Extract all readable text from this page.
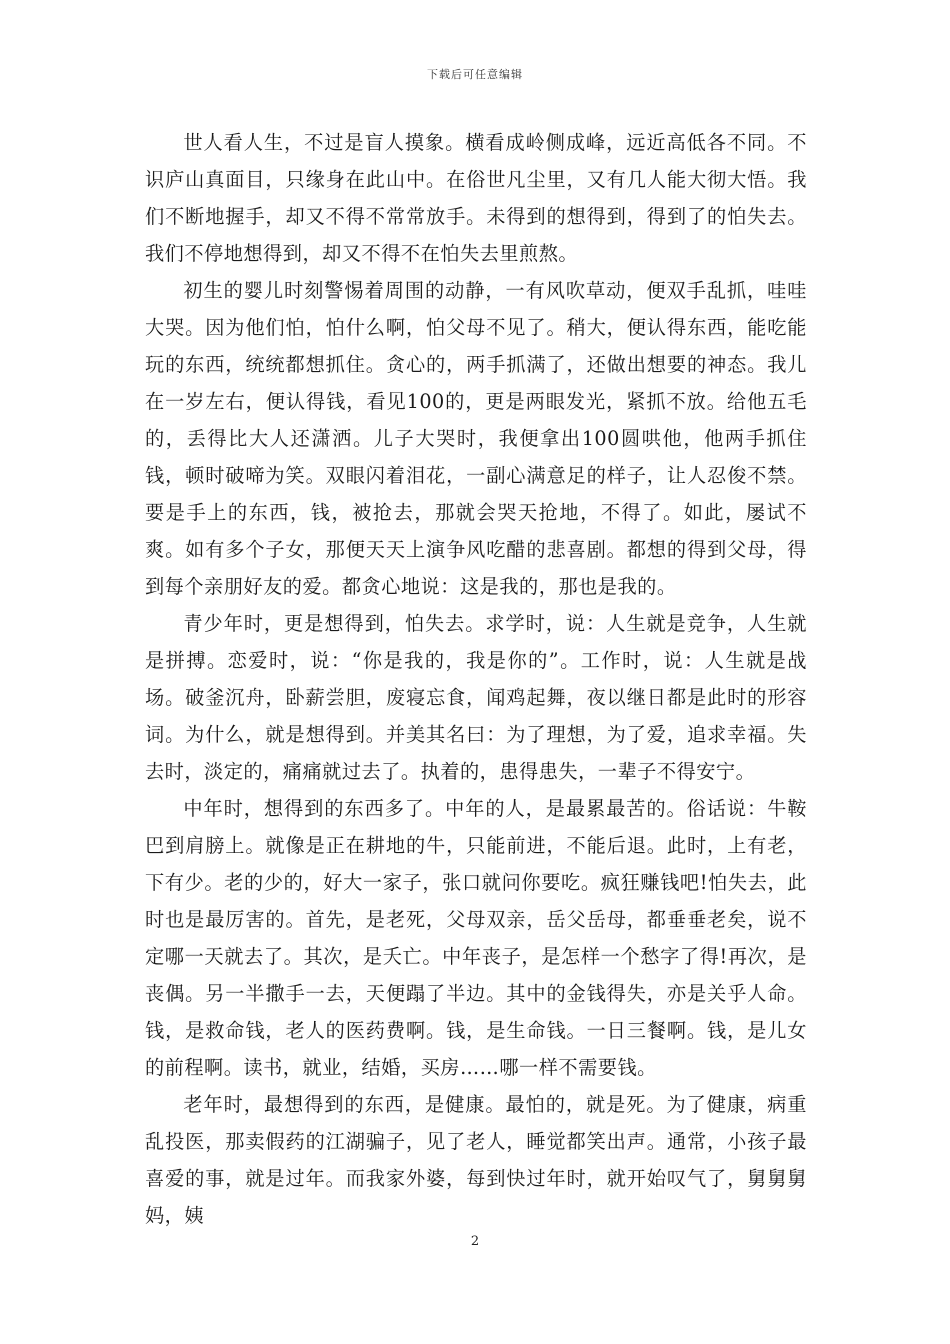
下载后可任意编辑

世人看人生，不过是盲人摸象。横看成岭侧成峰，远近高低各不同。不识庐山真面目，只缘身在此山中。在俗世凡尘里，又有几人能大彻大悟。我们不断地握手，却又不得不常常放手。未得到的想得到，得到了的怕失去。我们不停地想得到，却又不得不在怕失去里煎熬。

初生的婴儿时刻警惕着周围的动静，一有风吹草动，便双手乱抓，哇哇大哭。因为他们怕，怕什么啊，怕父母不见了。稍大，便认得东西，能吃能玩的东西，统统都想抓住。贪心的，两手抓满了，还做出想要的神态。我儿在一岁左右，便认得钱，看见100的，更是两眼发光，紧抓不放。给他五毛的，丢得比大人还潇洒。儿子大哭时，我便拿出100圆哄他，他两手抓住钱，顿时破啼为笑。双眼闪着泪花，一副心满意足的样子，让人忍俊不禁。要是手上的东西，钱，被抢去，那就会哭天抢地，不得了。如此，屡试不爽。如有多个子女，那便天天上演争风吃醋的悲喜剧。都想的得到父母，得到每个亲朋好友的爱。都贪心地说：这是我的，那也是我的。

青少年时，更是想得到，怕失去。求学时，说：人生就是竞争，人生就是拼搏。恋爱时，说：“你是我的，我是你的”。工作时，说：人生就是战场。破釜沉舟，卧薪尝胆，废寝忘食，闻鸡起舞，夜以继日都是此时的形容词。为什么，就是想得到。并美其名曰：为了理想，为了爱，追求幸福。失去时，淡定的，痛痛就过去了。执着的，患得患失，一辈子不得安宁。

中年时，想得到的东西多了。中年的人，是最累最苦的。俗话说：牛鞍巴到肩膀上。就像是正在耕地的牛，只能前进，不能后退。此时，上有老，下有少。老的少的，好大一家子，张口就问你要吃。疯狂赚钱吧!怕失去，此时也是最厉害的。首先，是老死，父母双亲，岳父岳母，都垂垂老矣，说不定哪一天就去了。其次，是夭亡。中年丧子，是怎样一个愁字了得!再次，是丧偶。另一半撒手一去，天便蹋了半边。其中的金钱得失，亦是关乎人命。钱，是救命钱，老人的医药费啊。钱，是生命钱。一日三餐啊。钱，是儿女的前程啊。读书，就业，结婚，买房……哪一样不需要钱。

老年时，最想得到的东西，是健康。最怕的，就是死。为了健康，病重乱投医，那卖假药的江湖骗子，见了老人，睡觉都笑出声。通常，小孩子最喜爱的事，就是过年。而我家外婆，每到快过年时，就开始叹气了，舅舅舅妈，姨

2
